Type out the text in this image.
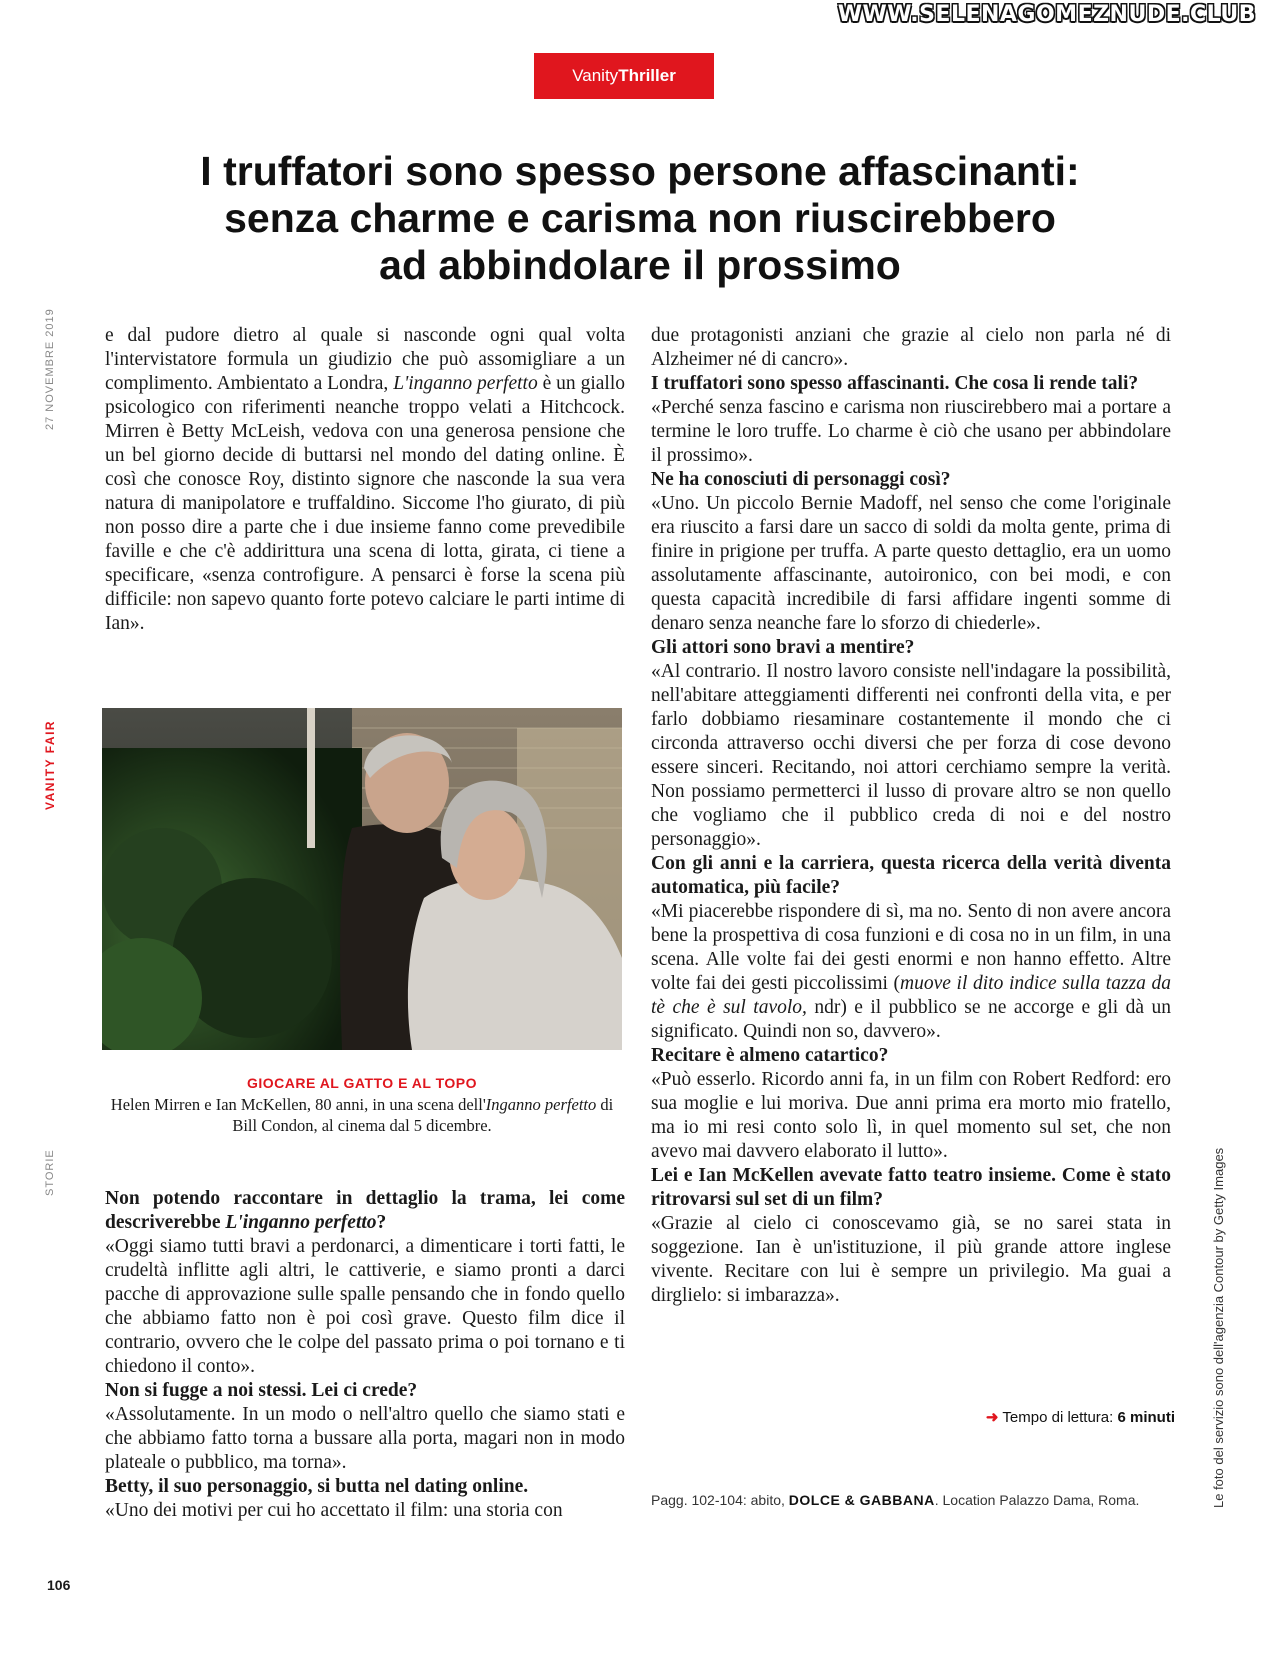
WWW.SELENAGOMEZNUDE.CLUB
Vanity Thriller
I truffatori sono spesso persone affascinanti:
senza charme e carisma non riuscirebbero
ad abbindolare il prossimo
27 NOVEMBRE 2019
VANITY FAIR
STORIE	Le foto del servizio sono dell'agenzia Contour by Getty Images

e dal pudore dietro al quale si nasconde ogni qual volta l'intervistatore formula un giudizio che può assomigliare a un complimento. Ambientato a Londra, L'inganno perfetto è un giallo psicologico con riferimenti neanche troppo velati a Hitchcock. Mirren è Betty McLeish, vedova con una generosa pensione che un bel giorno decide di buttarsi nel mondo del dating online. È così che conosce Roy, distinto signore che nasconde la sua vera natura di manipolatore e truffaldino. Siccome l'ho giurato, di più non posso dire a parte che i due insieme fanno come prevedibile faville e che c'è addirittura una scena di lotta, girata, ci tiene a specificare, «senza controfigure. A pensarci è forse la scena più difficile: non sapevo quanto forte potevo calciare le parti intime di Ian».

GIOCARE AL GATTO E AL TOPO
Helen Mirren e Ian McKellen, 80 anni, in una scena dell'Inganno perfetto di Bill Condon, al cinema dal 5 dicembre.

Non potendo raccontare in dettaglio la trama, lei come descriverebbe L'inganno perfetto?

«Oggi siamo tutti bravi a perdonarci, a dimenticare i torti fatti, le crudeltà inflitte agli altri, le cattiverie, e siamo pronti a darci pacche di approvazione sulle spalle pensando che in fondo quello che abbiamo fatto non è poi così grave. Questo film dice il contrario, ovvero che le colpe del passato prima o poi tornano e ti chiedono il conto».

Non si fugge a noi stessi. Lei ci crede?

«Assolutamente. In un modo o nell'altro quello che siamo stati e che abbiamo fatto torna a bussare alla porta, magari non in modo plateale o pubblico, ma torna».

Betty, il suo personaggio, si butta nel dating online.

«Uno dei motivi per cui ho accettato il film: una storia con

due protagonisti anziani che grazie al cielo non parla né di Alzheimer né di cancro».

I truffatori sono spesso affascinanti. Che cosa li rende tali?

«Perché senza fascino e carisma non riuscirebbero mai a portare a termine le loro truffe. Lo charme è ciò che usano per abbindolare il prossimo».

Ne ha conosciuti di personaggi così?

«Uno. Un piccolo Bernie Madoff, nel senso che come l'originale era riuscito a farsi dare un sacco di soldi da molta gente, prima di finire in prigione per truffa. A parte questo dettaglio, era un uomo assolutamente affascinante, autoironico, con bei modi, e con questa capacità incredibile di farsi affidare ingenti somme di denaro senza neanche fare lo sforzo di chiederle».

Gli attori sono bravi a mentire?

«Al contrario. Il nostro lavoro consiste nell'indagare la possibilità, nell'abitare atteggiamenti differenti nei confronti della vita, e per farlo dobbiamo riesaminare costantemente il mondo che ci circonda attraverso occhi diversi che per forza di cose devono essere sinceri. Recitando, noi attori cerchiamo sempre la verità. Non possiamo permetterci il lusso di provare altro se non quello che vogliamo che il pubblico creda di noi e del nostro personaggio».

Con gli anni e la carriera, questa ricerca della verità diventa automatica, più facile?

«Mi piacerebbe rispondere di sì, ma no. Sento di non avere ancora bene la prospettiva di cosa funzioni e di cosa no in un film, in una scena. Alle volte fai dei gesti enormi e non hanno effetto. Altre volte fai dei gesti piccolissimi (muove il dito indice sulla tazza da tè che è sul tavolo, ndr) e il pubblico se ne accorge e gli dà un significato. Quindi non so, davvero».

Recitare è almeno catartico?

«Può esserlo. Ricordo anni fa, in un film con Robert Redford: ero sua moglie e lui moriva. Due anni prima era morto mio fratello, ma io mi resi conto solo lì, in quel momento sul set, che non avevo mai davvero elaborato il lutto».

Lei e Ian McKellen avevate fatto teatro insieme. Come è stato ritrovarsi sul set di un film?

«Grazie al cielo ci conoscevamo già, se no sarei stata in soggezione. Ian è un'istituzione, il più grande attore inglese vivente. Recitare con lui è sempre un privilegio. Ma guai a dirglielo: si imbarazza».

➜ Tempo di lettura: 6 minuti
Pagg. 102-104: abito, DOLCE & GABBANA. Location Palazzo Dama, Roma.
106
